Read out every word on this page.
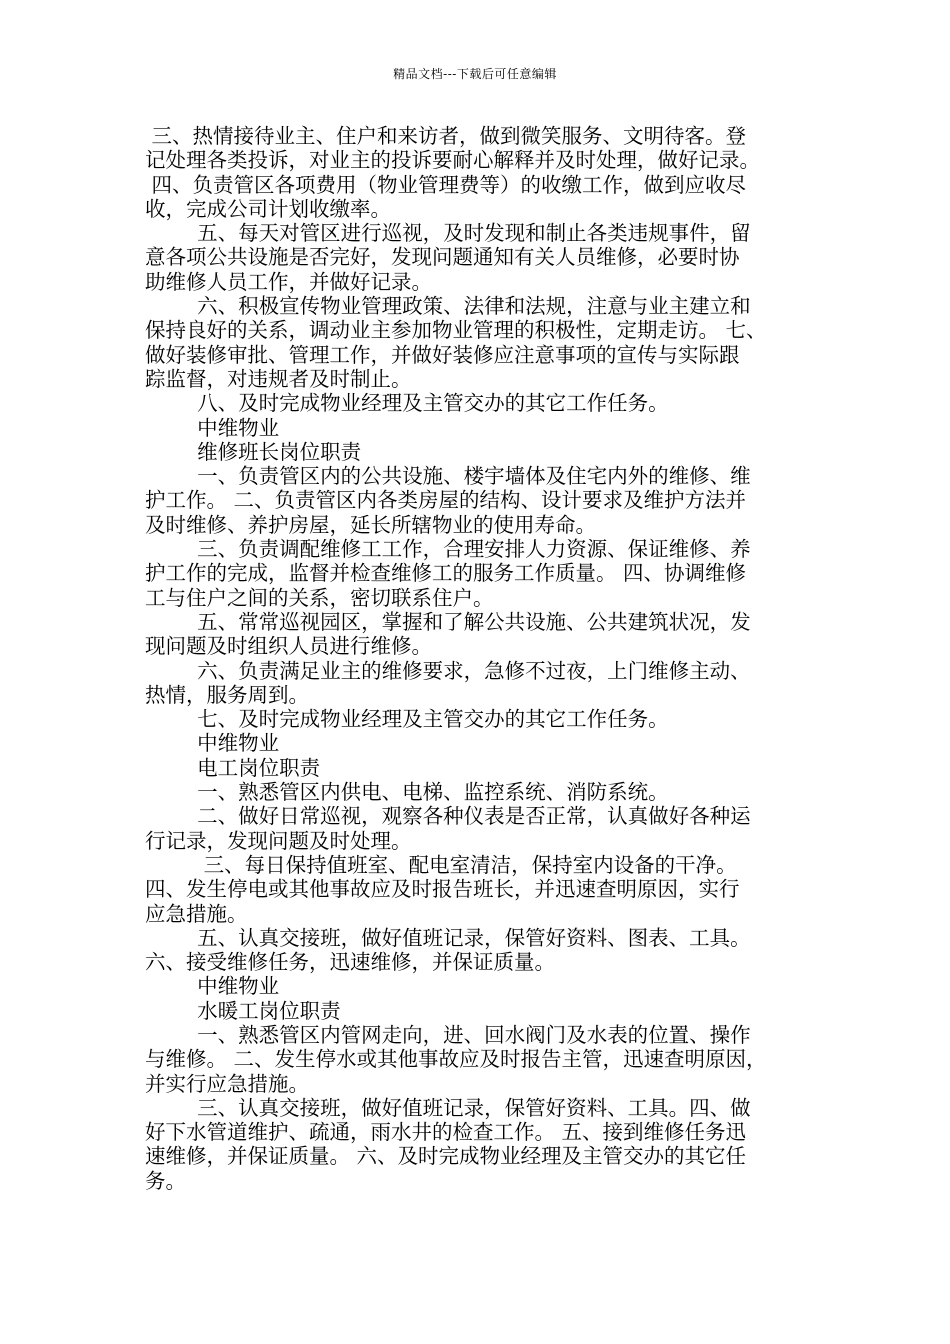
精品文档---下载后可任意编辑
三、热情接待业主、住户和来访者，做到微笑服务、文明待客。登
记处理各类投诉，对业主的投诉要耐心解释并及时处理，做好记录。
四、负责管区各项费用（物业管理费等）的收缴工作，做到应收尽
收，完成公司计划收缴率。
五、每天对管区进行巡视，及时发现和制止各类违规事件，留
意各项公共设施是否完好，发现问题通知有关人员维修，必要时协
助维修人员工作，并做好记录。
六、积极宣传物业管理政策、法律和法规，注意与业主建立和
保持良好的关系，调动业主参加物业管理的积极性，定期走访。 七、
做好装修审批、管理工作，并做好装修应注意事项的宣传与实际跟
踪监督，对违规者及时制止。
八、及时完成物业经理及主管交办的其它工作任务。
中维物业
维修班长岗位职责
一、负责管区内的公共设施、楼宇墙体及住宅内外的维修、维
护工作。 二、负责管区内各类房屋的结构、设计要求及维护方法并
及时维修、养护房屋，延长所辖物业的使用寿命。
三、负责调配维修工工作，合理安排人力资源、保证维修、养
护工作的完成，监督并检查维修工的服务工作质量。 四、协调维修
工与住户之间的关系，密切联系住户。
五、常常巡视园区，掌握和了解公共设施、公共建筑状况，发
现问题及时组织人员进行维修。
六、负责满足业主的维修要求，急修不过夜，上门维修主动、
热情，服务周到。
七、及时完成物业经理及主管交办的其它工作任务。
中维物业
电工岗位职责
一、熟悉管区内供电、电梯、监控系统、消防系统。
二、做好日常巡视，观察各种仪表是否正常，认真做好各种运
行记录，发现问题及时处理。
三、每日保持值班室、配电室清洁，保持室内设备的干净。
四、发生停电或其他事故应及时报告班长，并迅速查明原因，实行
应急措施。
五、认真交接班，做好值班记录，保管好资料、图表、工具。
六、接受维修任务，迅速维修，并保证质量。
中维物业
水暖工岗位职责
一、熟悉管区内管网走向，进、回水阀门及水表的位置、操作
与维修。 二、发生停水或其他事故应及时报告主管，迅速查明原因，
并实行应急措施。
三、认真交接班，做好值班记录，保管好资料、工具。四、做
好下水管道维护、疏通，雨水井的检查工作。 五、接到维修任务迅
速维修，并保证质量。 六、及时完成物业经理及主管交办的其它任
务。
